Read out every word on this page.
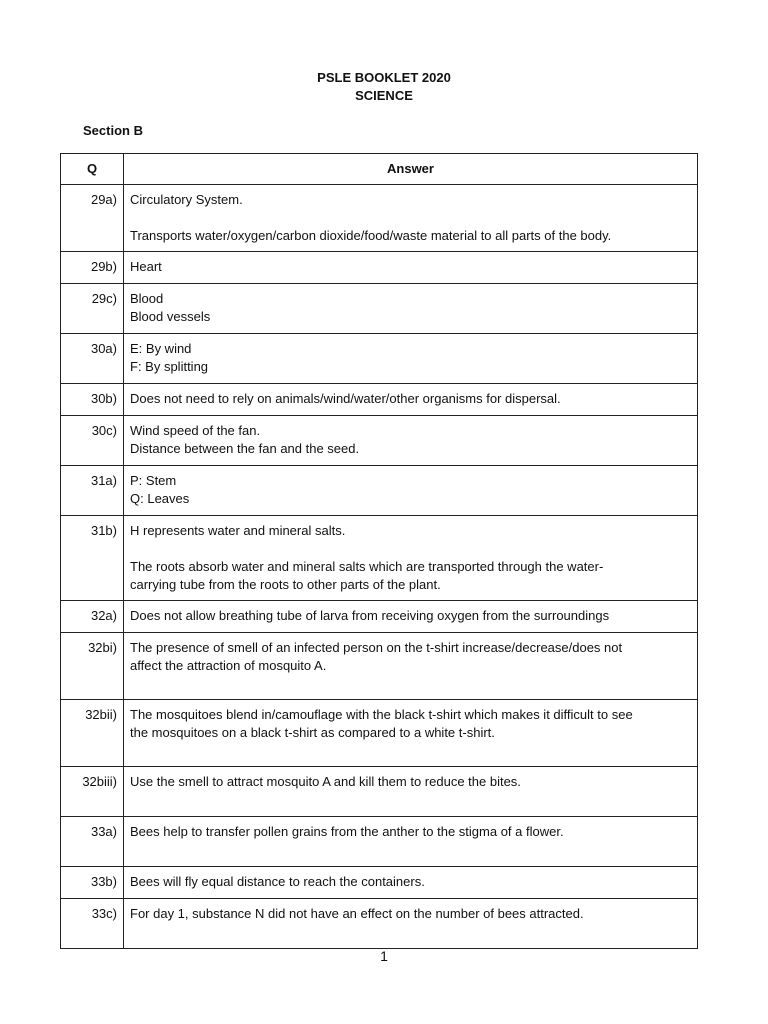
PSLE BOOKLET 2020
SCIENCE
Section B
Q	Answer
29a)	Circulatory System.
Transports water/oxygen/carbon dioxide/food/waste material to all parts of the body.

29b)	Heart

29c)	Blood
Blood vessels

30a)	E: By wind
F: By splitting

30b)	Does not need to rely on animals/wind/water/other organisms for dispersal.

30c)	Wind speed of the fan.
Distance between the fan and the seed.

31a)	P: Stem
Q: Leaves

31b)	H represents water and mineral salts.
The roots absorb water and mineral salts which are transported through the water-
carrying tube from the roots to other parts of the plant.

32a)	Does not allow breathing tube of larva from receiving oxygen from the surroundings

32bi)	The presence of smell of an infected person on the t-shirt increase/decrease/does not
affect the attraction of mosquito A.

32bii)	The mosquitoes blend in/camouflage with the black t-shirt which makes it difficult to see
the mosquitoes on a black t-shirt as compared to a white t-shirt.

32biii)	Use the smell to attract mosquito A and kill them to reduce the bites.

33a)	Bees help to transfer pollen grains from the anther to the stigma of a flower.

33b)	Bees will fly equal distance to reach the containers.

33c)	For day 1, substance N did not have an effect on the number of bees attracted.
1
